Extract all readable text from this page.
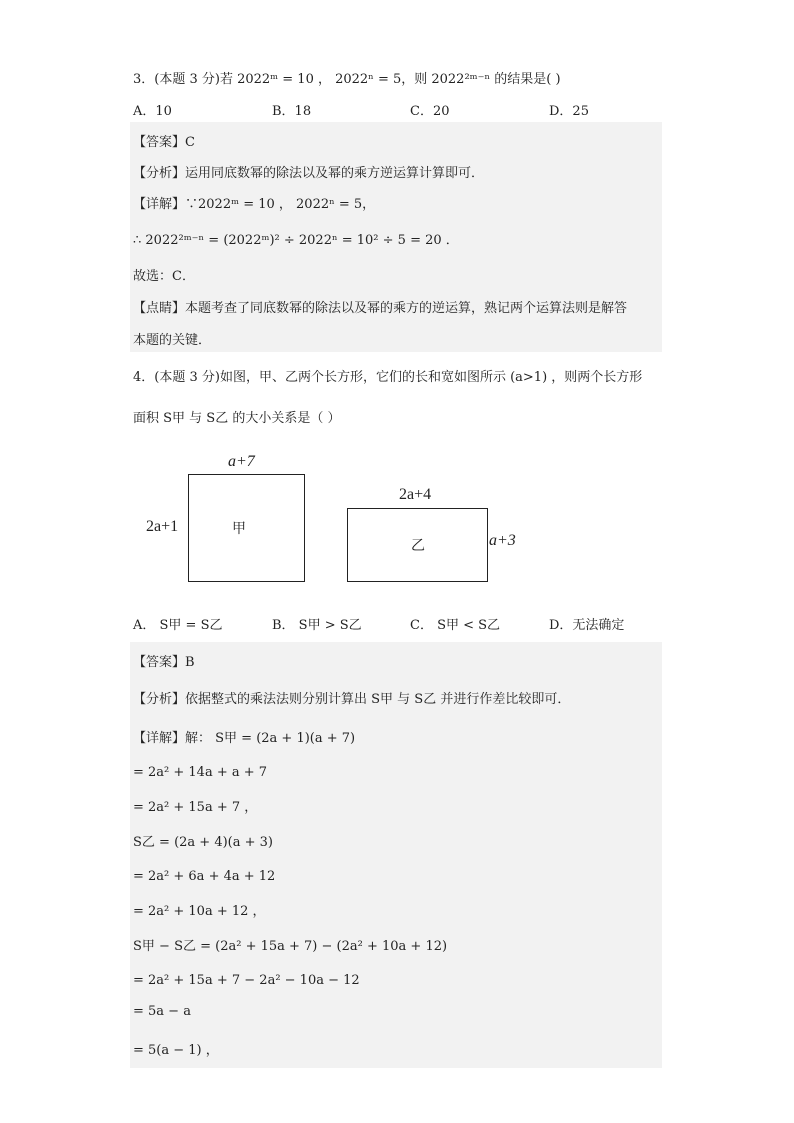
3．(本题 3 分)若 2022ᵐ = 10 ， 2022ⁿ = 5，则 2022²ᵐ⁻ⁿ 的结果是( )
A．10	B．18	C．20	D．25
【答案】C
【分析】运用同底数幂的除法以及幂的乘方逆运算计算即可．
【详解】∵2022ᵐ = 10 ， 2022ⁿ = 5，
∴ 2022²ᵐ⁻ⁿ = (2022ᵐ)² ÷ 2022ⁿ = 10² ÷ 5 = 20 ．
故选：C．
【点睛】本题考查了同底数幂的除法以及幂的乘方的逆运算，熟记两个运算法则是解答
本题的关键．
4．(本题 3 分)如图，甲、乙两个长方形，它们的长和宽如图所示 (a>1) ，则两个长方形
面积 S甲 与 S乙 的大小关系是（ ）
a+7
甲
2a+1
2a+4
乙	a+3
A． S甲 = S乙	B． S甲 > S乙	C． S甲 < S乙	D．无法确定
【答案】B
【分析】依据整式的乘法法则分别计算出 S甲 与 S乙 并进行作差比较即可．
【详解】解： S甲 = (2a + 1)(a + 7)
= 2a² + 14a + a + 7
= 2a² + 15a + 7 ，
S乙 = (2a + 4)(a + 3)
= 2a² + 6a + 4a + 12
= 2a² + 10a + 12 ，
S甲 − S乙 = (2a² + 15a + 7) − (2a² + 10a + 12)
= 2a² + 15a + 7 − 2a² − 10a − 12
= 5a − a
= 5(a − 1) ，
